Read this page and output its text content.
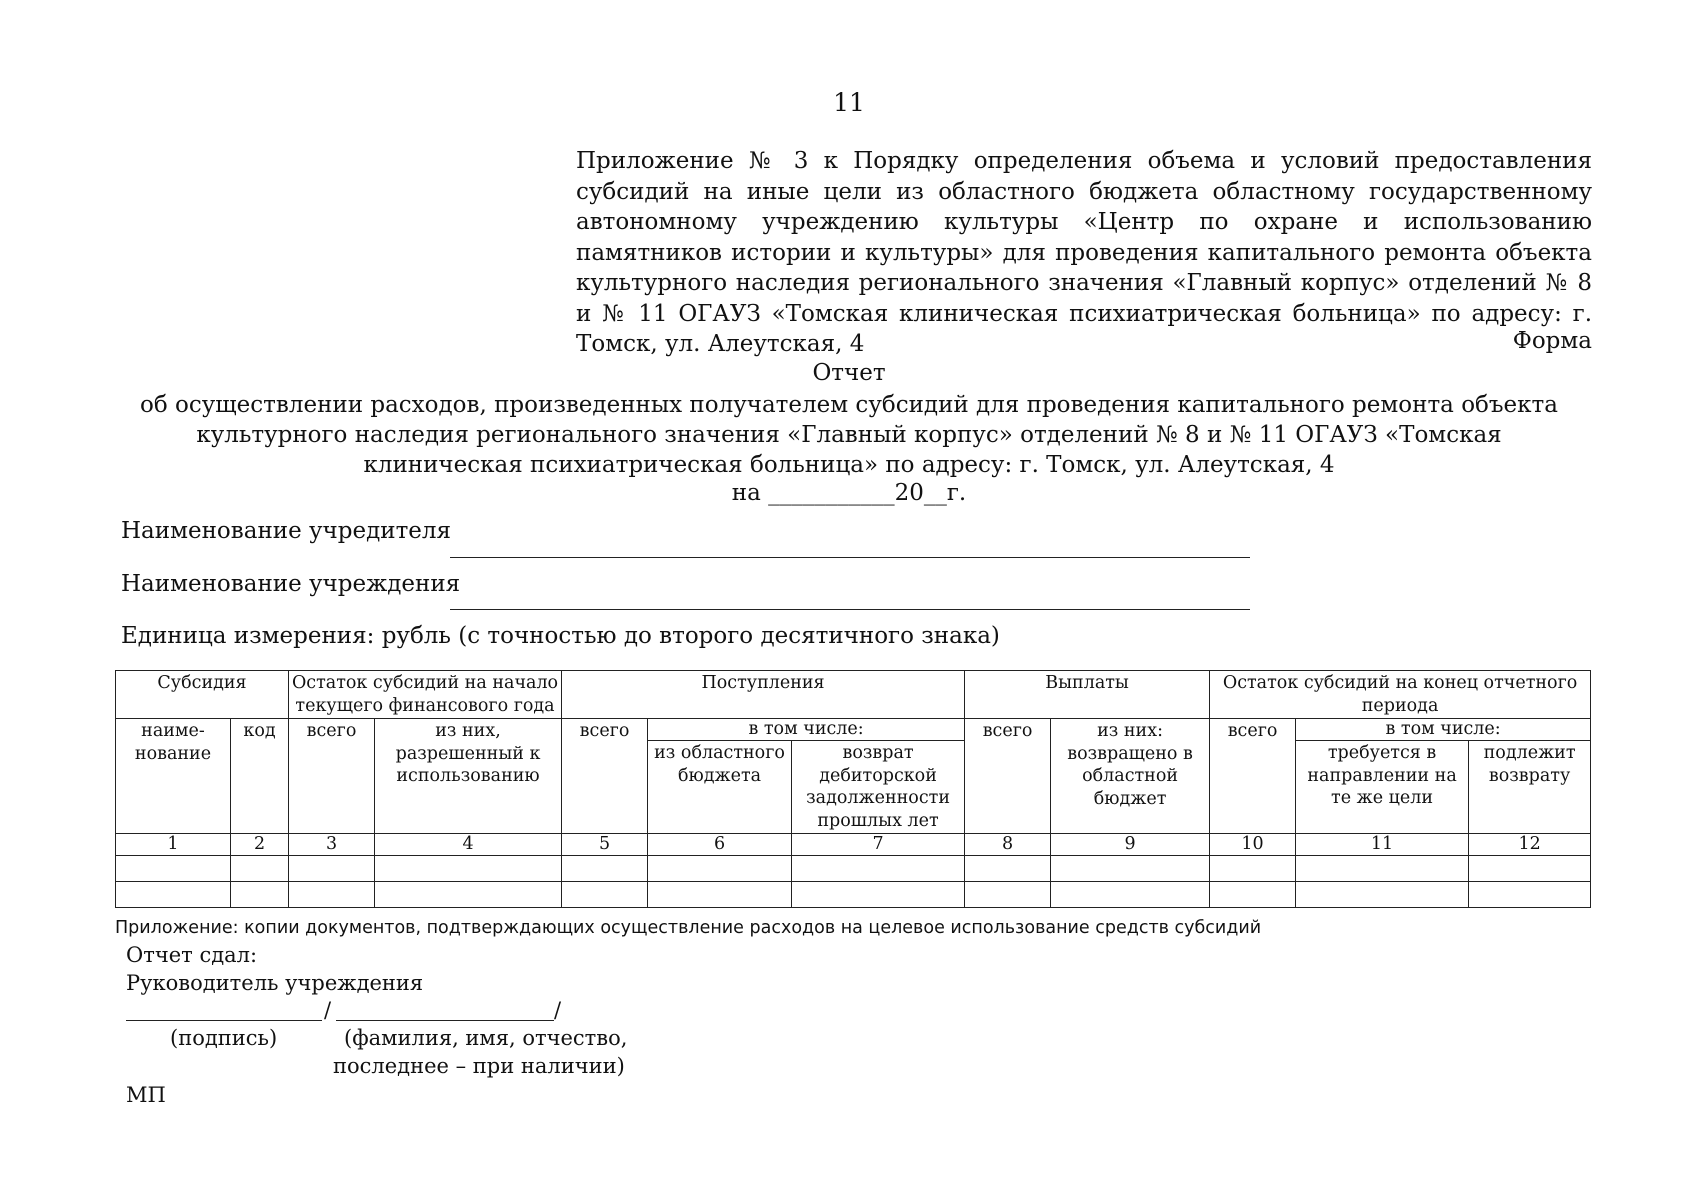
11
Приложение № 3 к Порядку определения объема и условий предоставления субсидий на иные цели из областного бюджета областному государственному автономному учреждению культуры «Центр по охране и использованию памятников истории и культуры» для проведения капитального ремонта объекта культурного наследия регионального значения «Главный корпус» отделений № 8 и № 11 ОГАУЗ «Томская клиническая психиатрическая больница» по адресу: г. Томск, ул. Алеутская, 4	Форма
Отчет
об осуществлении расходов, произведенных получателем субсидий для проведения капитального ремонта объекта культурного наследия регионального значения «Главный корпус» отделений № 8 и № 11 ОГАУЗ «Томская клиническая психиатрическая больница» по адресу: г. Томск, ул. Алеутская, 4
на ___________20__г.
Наименование учредителя
Наименование учреждения
Единица измерения: рубль (с точностью до второго десятичного знака)
Субсидия		Остаток субсидий на начало текущего финансового года		Поступления			Выплаты		Остаток субсидий на конец отчетного периода		
наиме-нование	код	всего	из них, разрешенный к использованию	всего	в том числе:		всего	из них: возвращено в областной бюджет	всего	в том числе:	
					из областного бюджета	возврат дебиторской задолженности прошлых лет				требуется в направлении на те же цели	подлежит возврату
1	2	3	4	5	6	7	8	9	10	11	12

Приложение: копии документов, подтверждающих осуществление расходов на целевое использование средств субсидий
Отчет сдал:
Руководитель учреждения
/	/
(подпись)	(фамилия, имя, отчество,
последнее – при наличии)
МП
